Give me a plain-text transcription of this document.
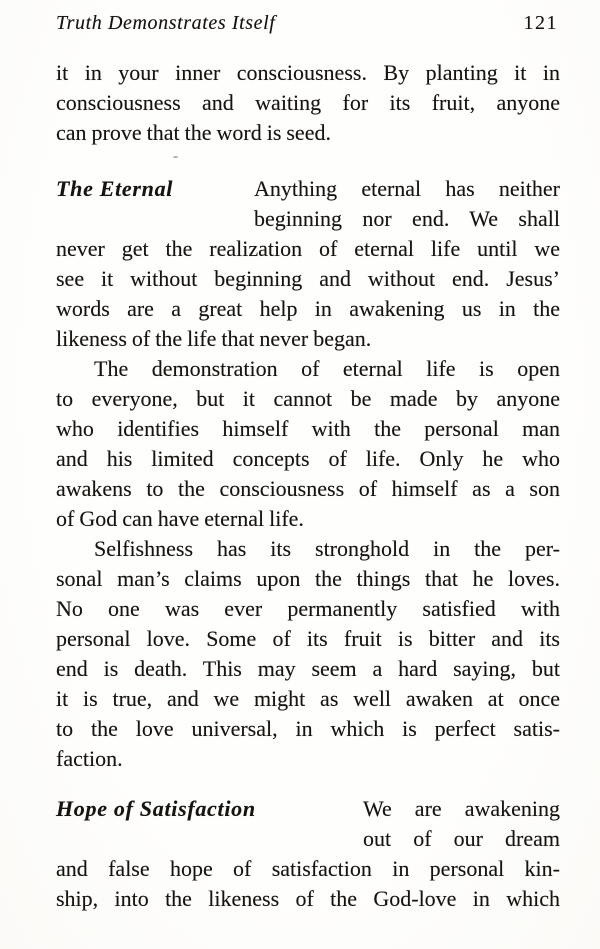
Truth Demonstrates Itself	121
it in your inner consciousness. By planting it in
consciousness and waiting for its fruit, anyone
can prove that the word is seed.
The Eternal	Anything eternal has neither
beginning nor end. We shall
never get the realization of eternal life until we
see it without beginning and without end. Jesus’
words are a great help in awakening us in the
likeness of the life that never began.
The demonstration of eternal life is open
to everyone, but it cannot be made by anyone
who identifies himself with the personal man
and his limited concepts of life. Only he who
awakens to the consciousness of himself as a son
of God can have eternal life.
Selfishness has its stronghold in the per-
sonal man’s claims upon the things that he loves.
No one was ever permanently satisfied with
personal love. Some of its fruit is bitter and its
end is death. This may seem a hard saying, but
it is true, and we might as well awaken at once
to the love universal, in which is perfect satis-
faction.
Hope of Satisfaction	We are awakening
out of our dream
and false hope of satisfaction in personal kin-
ship, into the likeness of the God-love in which
